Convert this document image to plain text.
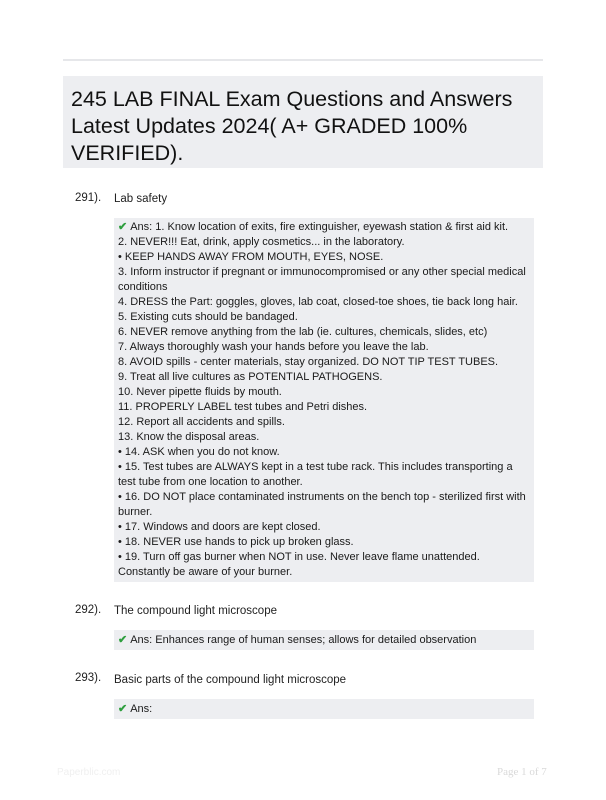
245 LAB FINAL Exam Questions and Answers
Latest Updates 2024( A+ GRADED 100%
VERIFIED).
291). Lab safety

✔ Ans: 1. Know location of exits, fire extinguisher, eyewash station & first aid kit.

2. NEVER!!! Eat, drink, apply cosmetics... in the laboratory.

• KEEP HANDS AWAY FROM MOUTH, EYES, NOSE.

3. Inform instructor if pregnant or immunocompromised or any other special medical conditions

4. DRESS the Part: goggles, gloves, lab coat, closed-toe shoes, tie back long hair.

5. Existing cuts should be bandaged.

6. NEVER remove anything from the lab (ie. cultures, chemicals, slides, etc)

7. Always thoroughly wash your hands before you leave the lab.

8. AVOID spills - center materials, stay organized. DO NOT TIP TEST TUBES.

9. Treat all live cultures as POTENTIAL PATHOGENS.

10. Never pipette fluids by mouth.

11. PROPERLY LABEL test tubes and Petri dishes.

12. Report all accidents and spills.

13. Know the disposal areas.

• 14. ASK when you do not know.

• 15. Test tubes are ALWAYS kept in a test tube rack. This includes transporting a test tube from one location to another.

• 16. DO NOT place contaminated instruments on the bench top - sterilized first with burner.

• 17. Windows and doors are kept closed.

• 18. NEVER use hands to pick up broken glass.

• 19. Turn off gas burner when NOT in use. Never leave flame unattended. Constantly be aware of your burner.

292). The compound light microscope

✔ Ans: Enhances range of human senses; allows for detailed observation

293). Basic parts of the compound light microscope

✔ Ans:

Paperblic.com	Page 1 of 7
